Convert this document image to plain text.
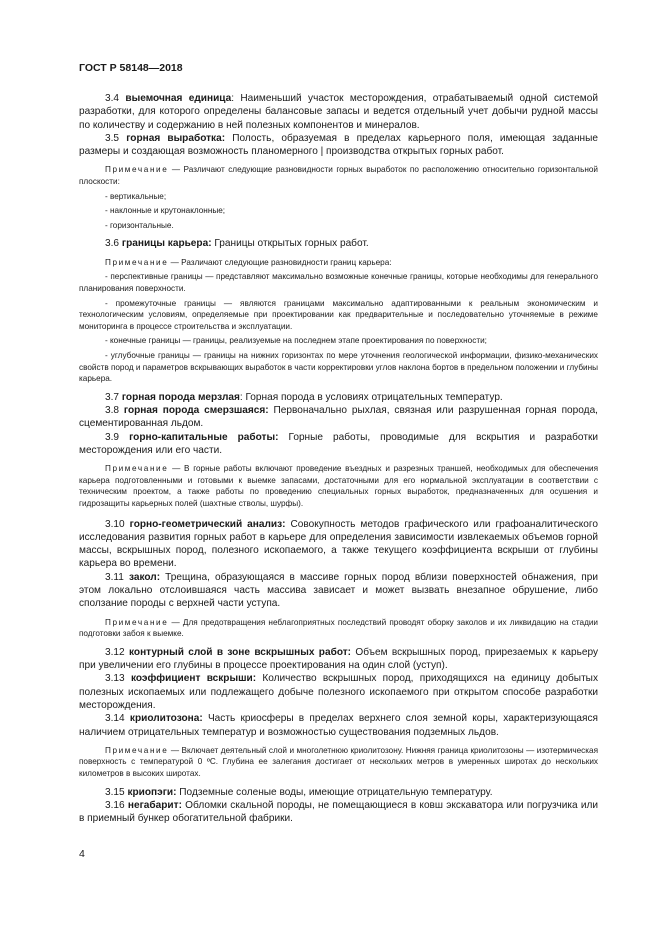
ГОСТ Р 58148—2018

3.4 выемочная единица: Наименьший участок месторождения, отрабатываемый одной системой разработки, для которого определены балансовые запасы и ведется отдельный учет добычи рудной массы по количеству и содержанию в ней полезных компонентов и минералов.

3.5 горная выработка: Полость, образуемая в пределах карьерного поля, имеющая заданные размеры и создающая возможность планомерного | производства открытых горных работ.

Примечание — Различают следующие разновидности горных выработок по расположению относительно горизонтальной плоскости:

- вертикальные;

- наклонные и крутонаклонные;

- горизонтальные.

3.6 границы карьера: Границы открытых горных работ.

Примечание — Различают следующие разновидности границ карьера:

- перспективные границы — представляют максимально возможные конечные границы, которые необходимы для генерального планирования поверхности.

- промежуточные границы — являются границами максимально адаптированными к реальным экономическим и технологическим условиям, определяемые при проектировании как предварительные и последовательно уточняемые в режиме мониторинга в процессе строительства и эксплуатации.

- конечные границы — границы, реализуемые на последнем этапе проектирования по поверхности;

- углубочные границы — границы на нижних горизонтах по мере уточнения геологической информации, физико-механических свойств пород и параметров вскрывающих выработок в части корректировки углов наклона бортов в предельном положении и глубины карьера.

3.7 горная порода мерзлая: Горная порода в условиях отрицательных температур.

3.8 горная порода смерзшаяся: Первоначально рыхлая, связная или разрушенная горная порода, сцементированная льдом.

3.9 горно-капитальные работы: Горные работы, проводимые для вскрытия и разработки месторождения или его части.

Примечание — В горные работы включают проведение въездных и разрезных траншей, необходимых для обеспечения карьера подготовленными и готовыми к выемке запасами, достаточными для его нормальной эксплуатации в соответствии с техническим проектом, а также работы по проведению специальных горных выработок, предназначенных для осушения и гидрозащиты карьерных полей (шахтные стволы, шурфы).

3.10 горно-геометрический анализ: Совокупность методов графического или графоаналитического исследования развития горных работ в карьере для определения зависимости извлекаемых объемов горной массы, вскрышных пород, полезного ископаемого, а также текущего коэффициента вскрыши от глубины карьера во времени.

3.11 закол: Трещина, образующаяся в массиве горных пород вблизи поверхностей обнажения, при этом локально отслоившаяся часть массива зависает и может вызвать внезапное обрушение, либо сползание породы с верхней части уступа.

Примечание — Для предотвращения неблагоприятных последствий проводят оборку заколов и их ликвидацию на стадии подготовки забоя к выемке.

3.12 контурный слой в зоне вскрышных работ: Объем вскрышных пород, прирезаемых к карьеру при увеличении его глубины в процессе проектирования на один слой (уступ).

3.13 коэффициент вскрыши: Количество вскрышных пород, приходящихся на единицу добытых полезных ископаемых или подлежащего добыче полезного ископаемого при открытом способе разработки месторождения.

3.14 криолитозона: Часть криосферы в пределах верхнего слоя земной коры, характеризующаяся наличием отрицательных температур и возможностью существования подземных льдов.

Примечание — Включает деятельный слой и многолетнюю криолитозону. Нижняя граница криолитозоны — изотермическая поверхность с температурой 0 ºС. Глубина ее залегания достигает от нескольких метров в умеренных широтах до нескольких километров в высоких широтах.

3.15 криопэги: Подземные соленые воды, имеющие отрицательную температуру.

3.16 негабарит: Обломки скальной породы, не помещающиеся в ковш экскаватора или погрузчика или в приемный бункер обогатительной фабрики.

4
